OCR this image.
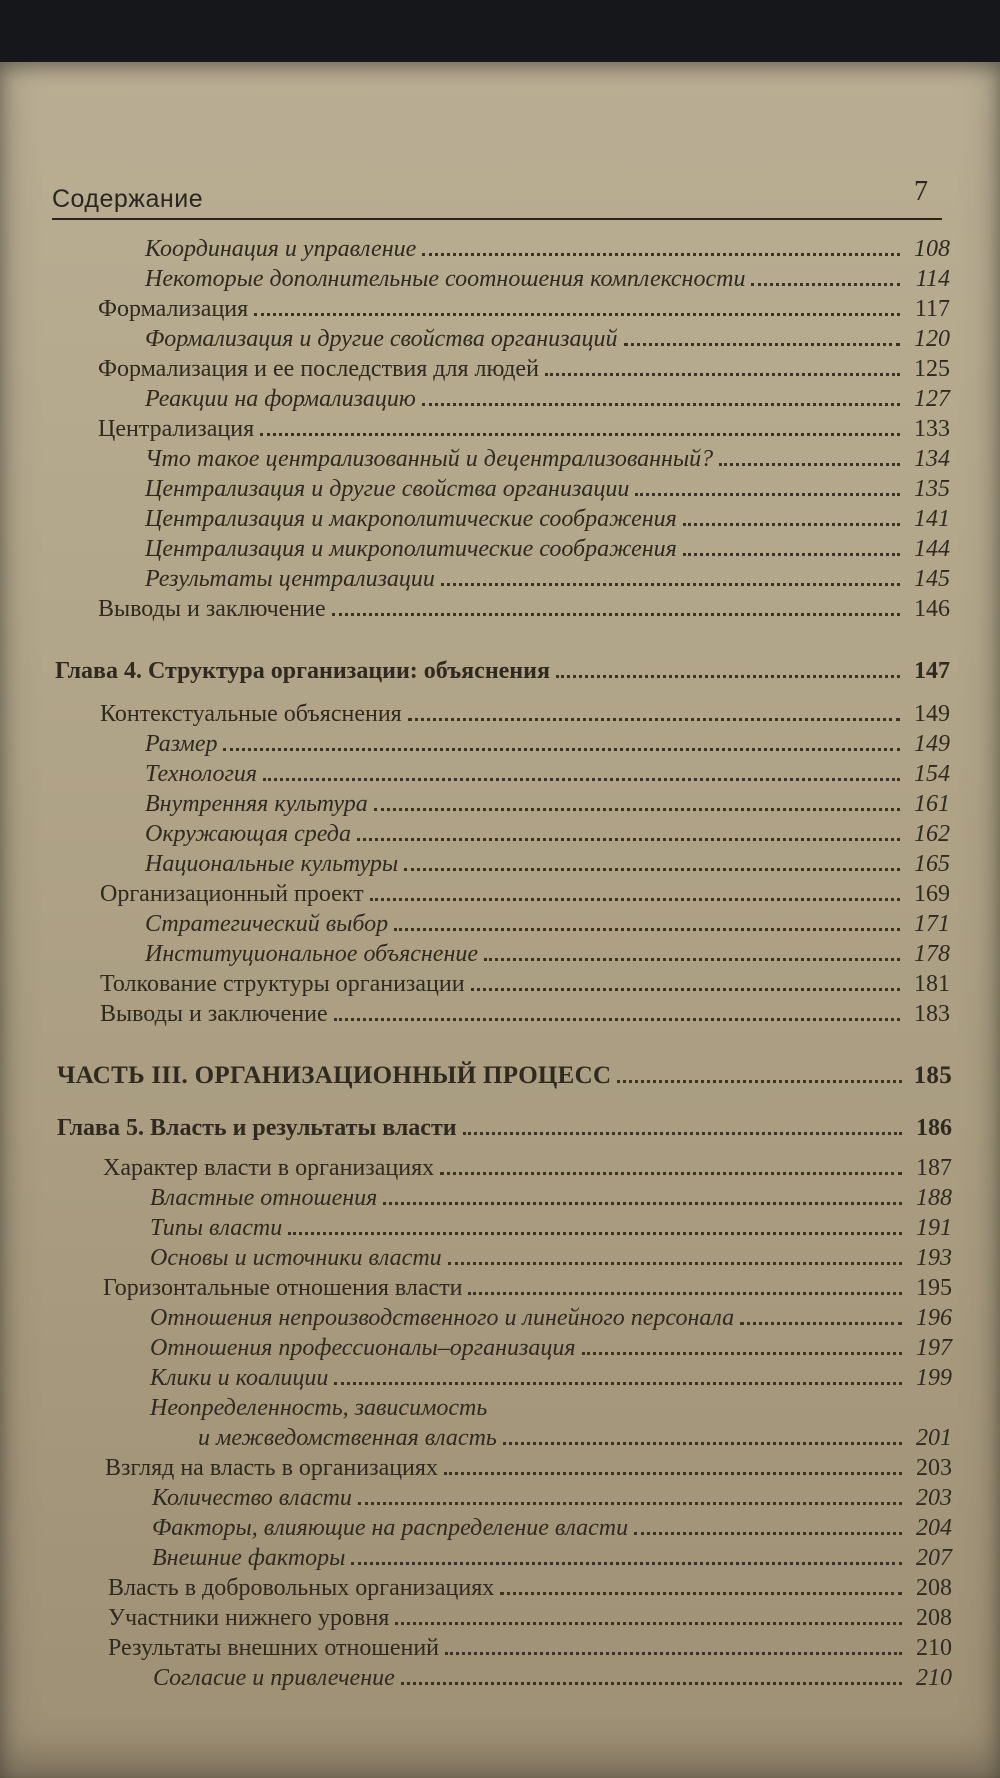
Содержание	7
Координация и управление	108
Некоторые дополнительные соотношения комплексности	114
Формализация	117
Формализация и другие свойства организаций	120
Формализация и ее последствия для людей	125
Реакции на формализацию	127
Централизация	133
Что такое централизованный и децентрализованный?	134
Централизация и другие свойства организации	135
Централизация и макрополитические соображения	141
Централизация и микрополитические соображения	144
Результаты централизации	145
Выводы и заключение	146
Глава 4. Структура организации: объяснения	147
Контекстуальные объяснения	149
Размер	149
Технология	154
Внутренняя культура	161
Окружающая среда	162
Национальные культуры	165
Организационный проект	169
Стратегический выбор	171
Институциональное объяснение	178
Толкование структуры организации	181
Выводы и заключение	183
ЧАСТЬ III. ОРГАНИЗАЦИОННЫЙ ПРОЦЕСС	185
Глава 5. Власть и результаты власти	186
Характер власти в организациях	187
Властные отношения	188
Типы власти	191
Основы и источники власти	193
Горизонтальные отношения власти	195
Отношения непроизводственного и линейного персонала	196
Отношения профессионалы–организация	197
Клики и коалиции	199
Неопределенность, зависимость
и межведомственная власть	201
Взгляд на власть в организациях	203
Количество власти	203
Факторы, влияющие на распределение власти	204
Внешние факторы	207
Власть в добровольных организациях	208
Участники нижнего уровня	208
Результаты внешних отношений	210
Согласие и привлечение	210
